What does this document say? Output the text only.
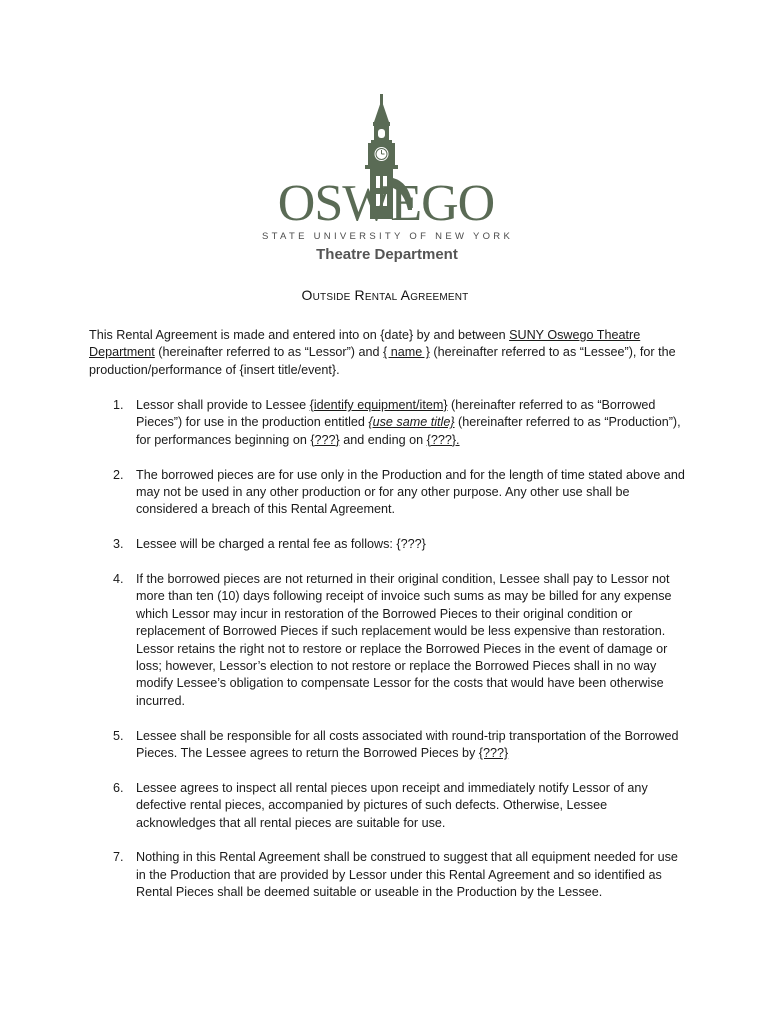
OSWEGO
STATE UNIVERSITY OF NEW YORK
Theatre Department
Outside Rental Agreement

This Rental Agreement is made and entered into on {date} by and between SUNY Oswego Theatre Department (hereinafter referred to as “Lessor”) and { name } (hereinafter referred to as “Lessee”), for the production/performance of {insert title/event}.

1. Lessor shall provide to Lessee {identify equipment/item} (hereinafter referred to as “Borrowed Pieces”) for use in the production entitled {use same title} (hereinafter referred to as “Production”), for performances beginning on {???} and ending on {???}.
2. The borrowed pieces are for use only in the Production and for the length of time stated above and may not be used in any other production or for any other purpose. Any other use shall be considered a breach of this Rental Agreement.
3. Lessee will be charged a rental fee as follows: {???}
4. If the borrowed pieces are not returned in their original condition, Lessee shall pay to Lessor not more than ten (10) days following receipt of invoice such sums as may be billed for any expense which Lessor may incur in restoration of the Borrowed Pieces to their original condition or replacement of Borrowed Pieces if such replacement would be less expensive than restoration. Lessor retains the right not to restore or replace the Borrowed Pieces in the event of damage or loss; however, Lessor’s election to not restore or replace the Borrowed Pieces shall in no way modify Lessee’s obligation to compensate Lessor for the costs that would have been otherwise incurred.
5. Lessee shall be responsible for all costs associated with round-trip transportation of the Borrowed Pieces. The Lessee agrees to return the Borrowed Pieces by {???}
6. Lessee agrees to inspect all rental pieces upon receipt and immediately notify Lessor of any defective rental pieces, accompanied by pictures of such defects. Otherwise, Lessee acknowledges that all rental pieces are suitable for use.
7. Nothing in this Rental Agreement shall be construed to suggest that all equipment needed for use in the Production that are provided by Lessor under this Rental Agreement and so identified as Rental Pieces shall be deemed suitable or useable in the Production by the Lessee.
